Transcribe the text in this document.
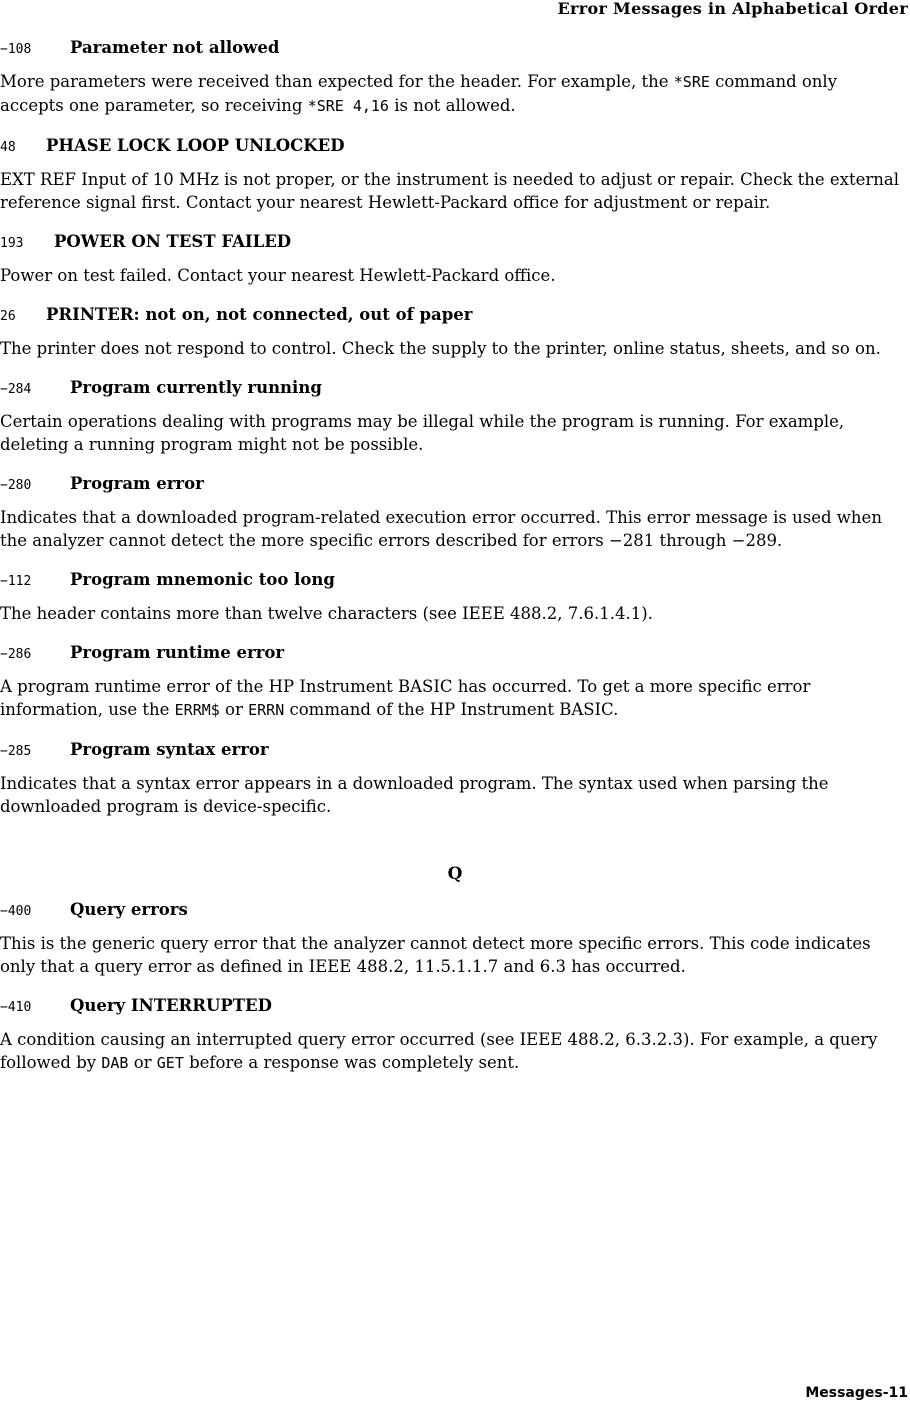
Error Messages in Alphabetical Order
−108 Parameter not allowed

More parameters were received than expected for the header. For example, the *SRE command only accepts one parameter, so receiving *SRE 4,16 is not allowed.

48 PHASE LOCK LOOP UNLOCKED

EXT REF Input of 10 MHz is not proper, or the instrument is needed to adjust or repair. Check the external reference signal first. Contact your nearest Hewlett-Packard office for adjustment or repair.

193 POWER ON TEST FAILED

Power on test failed. Contact your nearest Hewlett-Packard office.

26 PRINTER: not on, not connected, out of paper

The printer does not respond to control. Check the supply to the printer, online status, sheets, and so on.

−284 Program currently running

Certain operations dealing with programs may be illegal while the program is running. For example, deleting a running program might not be possible.

−280 Program error

Indicates that a downloaded program-related execution error occurred. This error message is used when the analyzer cannot detect the more specific errors described for errors −281 through −289.

−112 Program mnemonic too long

The header contains more than twelve characters (see IEEE 488.2, 7.6.1.4.1).

−286 Program runtime error

A program runtime error of the HP Instrument BASIC has occurred. To get a more specific error information, use the ERRM$ or ERRN command of the HP Instrument BASIC.

−285 Program syntax error

Indicates that a syntax error appears in a downloaded program. The syntax used when parsing the downloaded program is device-specific.

Q
−400 Query errors

This is the generic query error that the analyzer cannot detect more specific errors. This code indicates only that a query error as defined in IEEE 488.2, 11.5.1.1.7 and 6.3 has occurred.

−410 Query INTERRUPTED

A condition causing an interrupted query error occurred (see IEEE 488.2, 6.3.2.3). For example, a query followed by DAB or GET before a response was completely sent.

Messages-11
